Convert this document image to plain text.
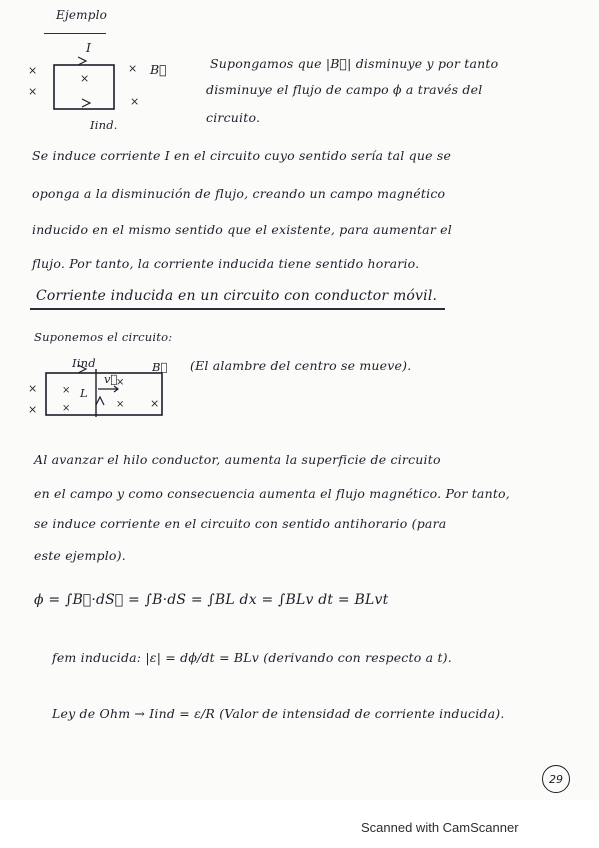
Ejemplo
×
×
×
×
×
I
B⃗
Iind.
Supongamos que |B⃗| disminuye y por tanto
disminuye el flujo de campo ϕ a través del
circuito.
Se induce corriente I en el circuito cuyo sentido sería tal que se
oponga a la disminución de flujo, creando un campo magnético
inducido en el mismo sentido que el existente, para aumentar el
flujo. Por tanto, la corriente inducida tiene sentido horario.
Corriente inducida en un circuito con conductor móvil.
Suponemos el circuito:
×
×
×
×
×
× ×
Iind	B⃗
L
v⃗
(El alambre del centro se mueve).
Al avanzar el hilo conductor, aumenta la superficie de circuito
en el campo y como consecuencia aumenta el flujo magnético. Por tanto,
se induce corriente en el circuito con sentido antihorario (para
este ejemplo).
ϕ = ∫B⃗·dS⃗ = ∫B·dS = ∫BL dx = ∫BLv dt = BLvt
fem inducida: |ε| = dϕ/dt = BLv (derivando con respecto a t).
Ley de Ohm → Iind = ε/R (Valor de intensidad de corriente inducida).
29
Scanned with CamScanner
